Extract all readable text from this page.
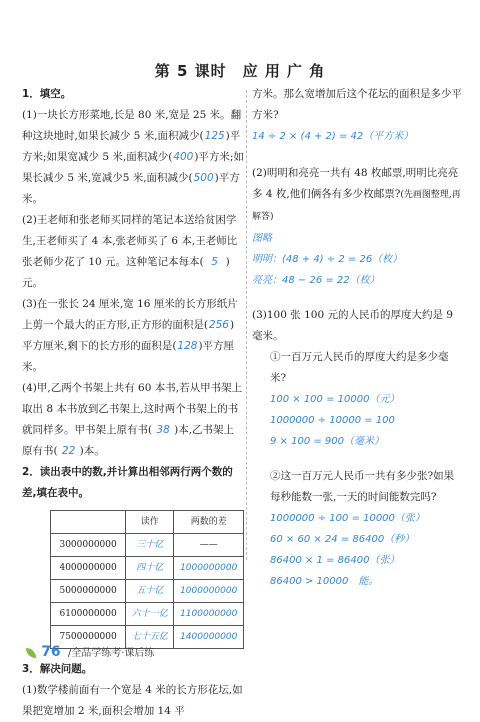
第 5 课时　应 用 广 角
1．填空。
(1)一块长方形菜地,长是 80 米,宽是 25 米。翻种这块地时,如果长减少 5 米,面积减少(125)平方米;如果宽减少 5 米,面积减少(400)平方米;如果长减少 5 米,宽减少5 米,面积减少(500)平方米。
(2)王老师和张老师买同样的笔记本送给贫困学生,王老师买了 4 本,张老师买了 6 本,王老师比张老师少花了 10 元。这种笔记本每本( 5 )元。
(3)在一张长 24 厘米,宽 16 厘米的长方形纸片上剪一个最大的正方形,正方形的面积是(256)平方厘米,剩下的长方形的面积是(128)平方厘米。
(4)甲,乙两个书架上共有 60 本书,若从甲书架上取出 8 本书放到乙书架上,这时两个书架上的书就同样多。甲书架上原有书( 38 )本,乙书架上原有书( 22 )本。
2．读出表中的数,并计算出相邻两行两个数的差,填在表中。
	读作	两数的差
3000000000	三十亿	——
4000000000	四十亿	1000000000
5000000000	五十亿	1000000000
6100000000	六十一亿	1100000000
7500000000	七十五亿	1400000000
3．解决问题。
(1)数学楼前面有一个宽是 4 米的长方形花坛,如果把宽增加 2 米,面积会增加 14 平
方米。那么宽增加后这个花坛的面积是多少平方米?
14 ÷ 2 × (4 + 2) = 42（平方米）
(2)明明和亮亮一共有 48 枚邮票,明明比亮亮多 4 枚,他们俩各有多少枚邮票?(先画图整理,再解答)
图略
明明：(48 + 4) ÷ 2 = 26（枚）
亮亮：48 − 26 = 22（枚）
(3)100 张 100 元的人民币的厚度大约是 9 毫米。
①一百万元人民币的厚度大约是多少毫米?
100 × 100 = 10000（元）
1000000 ÷ 10000 = 100
9 × 100 = 900（毫米）
②这一百万元人民币一共有多少张?如果每秒能数一张,一天的时间能数完吗?
1000000 ÷ 100 = 10000（张）
60 × 60 × 24 = 86400（秒）
86400 × 1 = 86400（张）
86400 > 10000　能。
76 /全品学练考·课后练
